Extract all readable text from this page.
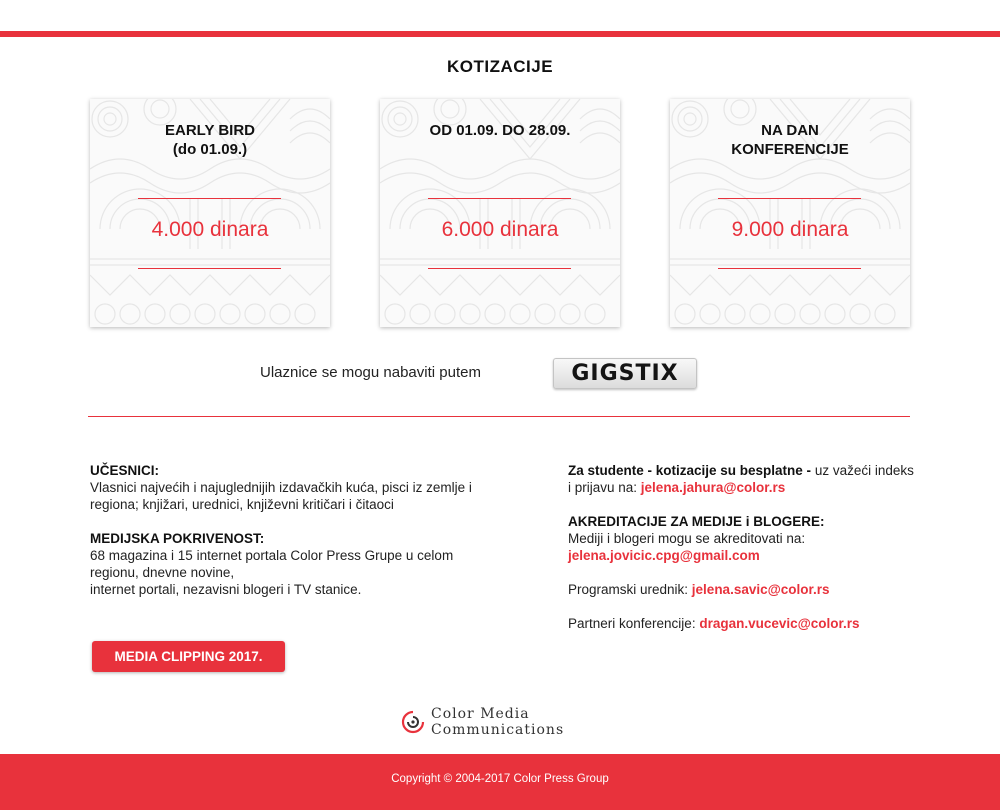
KOTIZACIJE
EARLY BIRD
(do 01.09.)
4.000 dinara
OD 01.09. DO 28.09.
6.000 dinara
NA DAN
KONFERENCIJE
9.000 dinara
Ulaznice se mogu nabaviti putem	GIGSTIX
UČESNICI:
Vlasnici najvećih i najuglednijih izdavačkih kuća, pisci iz zemlje i regiona; knjižari, urednici, književni kritičari i čitaoci
MEDIJSKA POKRIVENOST:
68 magazina i 15 internet portala Color Press Grupe u celom regionu, dnevne novine,
internet portali, nezavisni blogeri i TV stanice.
Za studente - kotizacije su besplatne - uz važeći indeks i prijavu na: jelena.jahura@color.rs
AKREDITACIJE ZA MEDIJE i BLOGERE:
Mediji i blogeri mogu se akreditovati na:
jelena.jovicic.cpg@gmail.com
Programski urednik: jelena.savic@color.rs
Partneri konferencije: dragan.vucevic@color.rs
MEDIA CLIPPING 2017.
Color Media
Communications
Copyright © 2004-2017 Color Press Group
